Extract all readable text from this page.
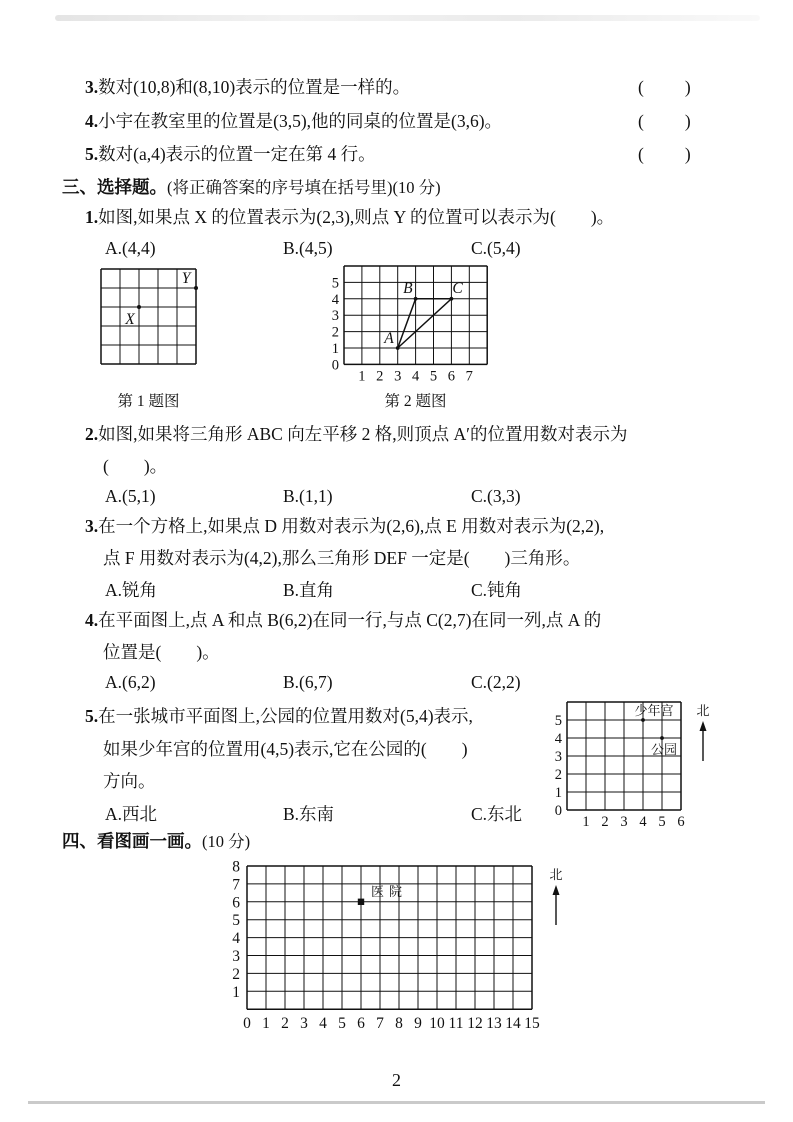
3.数对(10,8)和(8,10)表示的位置是一样的。	(　　)
4.小宇在教室里的位置是(3,5),他的同桌的位置是(3,6)。	(　　)
5.数对(a,4)表示的位置一定在第 4 行。	(　　)
三、选择题。(将正确答案的序号填在括号里)(10 分)
1.如图,如果点 X 的位置表示为(2,3),则点 Y 的位置可以表示为(　　)。
A.(4,4)	B.(4,5)	C.(5,4)
X
Y
0
1
2
3
4
5
1 2 3 4 5 6 7
A
B	C
第 1 题图	第 2 题图
2.如图,如果将三角形 ABC 向左平移 2 格,则顶点 A′的位置用数对表示为
(　　)。
A.(5,1)	B.(1,1)	C.(3,3)
3.在一个方格上,如果点 D 用数对表示为(2,6),点 E 用数对表示为(2,2),
点 F 用数对表示为(4,2),那么三角形 DEF 一定是(　　)三角形。
A.锐角	B.直角	C.钝角
4.在平面图上,点 A 和点 B(6,2)在同一行,与点 C(2,7)在同一列,点 A 的
位置是(　　)。
A.(6,2)	B.(6,7)	C.(2,2)
5.在一张城市平面图上,公园的位置用数对(5,4)表示,
如果少年宫的位置用(4,5)表示,它在公园的(　　)
方向。
A.西北	B.东南	C.东北 0
1
2
3
4
5
1 2 3 4 5 6
少年宫
公园
北
四、看图画一画。(10 分)
1
2
3
4
5
6
7
8
0 1 2 3 4 5 6 7 8 9 10 11 12 13 14 15
医院
北
2
